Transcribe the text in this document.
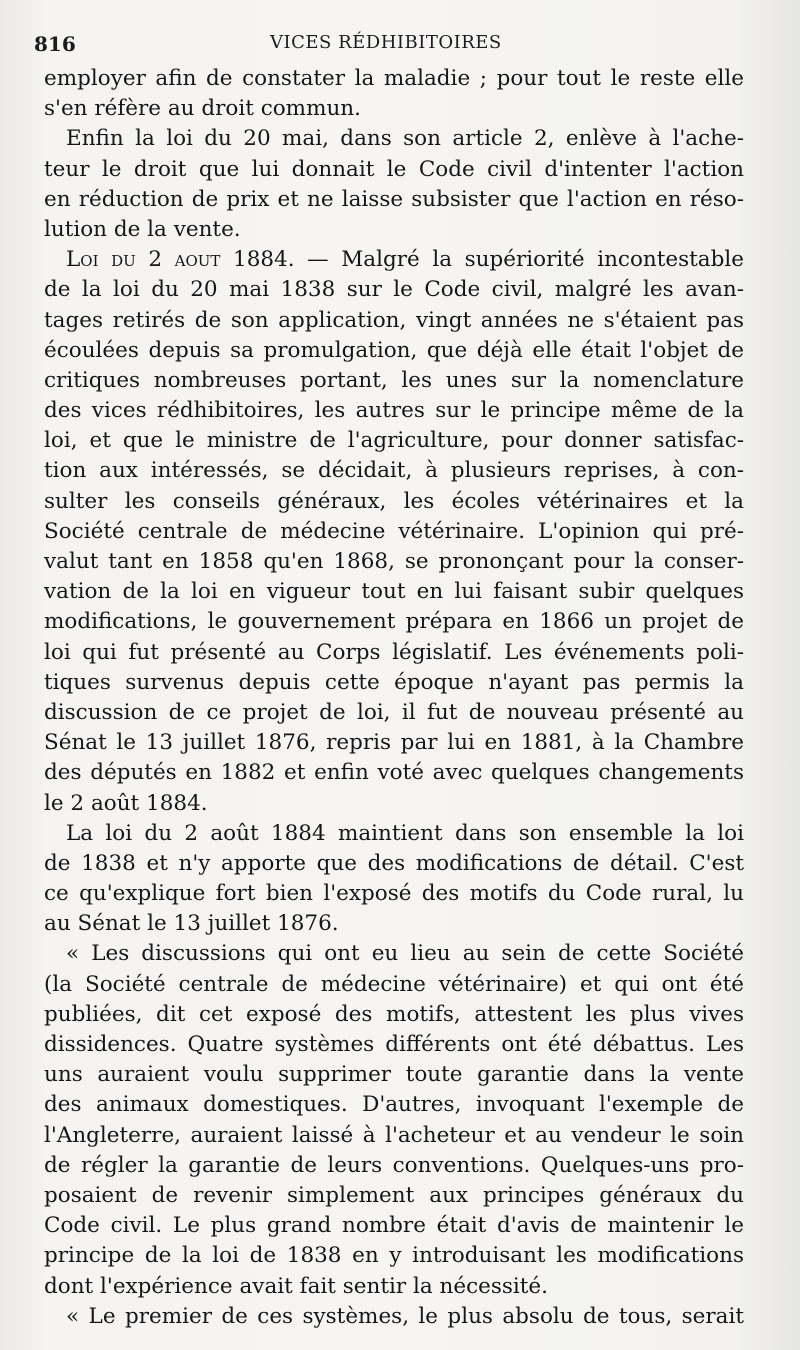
816	VICES RÉDHIBITOIRES
employer afin de constater la maladie ; pour tout le reste elle
s'en réfère au droit commun.
Enfin la loi du 20 mai, dans son article 2, enlève à l'ache-
teur le droit que lui donnait le Code civil d'intenter l'action
en réduction de prix et ne laisse subsister que l'action en réso-
lution de la vente.
Loi du 2 aout 1884. — Malgré la supériorité incontestable
de la loi du 20 mai 1838 sur le Code civil, malgré les avan-
tages retirés de son application, vingt années ne s'étaient pas
écoulées depuis sa promulgation, que déjà elle était l'objet de
critiques nombreuses portant, les unes sur la nomenclature
des vices rédhibitoires, les autres sur le principe même de la
loi, et que le ministre de l'agriculture, pour donner satisfac-
tion aux intéressés, se décidait, à plusieurs reprises, à con-
sulter les conseils généraux, les écoles vétérinaires et la
Société centrale de médecine vétérinaire. L'opinion qui pré-
valut tant en 1858 qu'en 1868, se prononçant pour la conser-
vation de la loi en vigueur tout en lui faisant subir quelques
modifications, le gouvernement prépara en 1866 un projet de
loi qui fut présenté au Corps législatif. Les événements poli-
tiques survenus depuis cette époque n'ayant pas permis la
discussion de ce projet de loi, il fut de nouveau présenté au
Sénat le 13 juillet 1876, repris par lui en 1881, à la Chambre
des députés en 1882 et enfin voté avec quelques changements
le 2 août 1884.
La loi du 2 août 1884 maintient dans son ensemble la loi
de 1838 et n'y apporte que des modifications de détail. C'est
ce qu'explique fort bien l'exposé des motifs du Code rural, lu
au Sénat le 13 juillet 1876.
« Les discussions qui ont eu lieu au sein de cette Société
(la Société centrale de médecine vétérinaire) et qui ont été
publiées, dit cet exposé des motifs, attestent les plus vives
dissidences. Quatre systèmes différents ont été débattus. Les
uns auraient voulu supprimer toute garantie dans la vente
des animaux domestiques. D'autres, invoquant l'exemple de
l'Angleterre, auraient laissé à l'acheteur et au vendeur le soin
de régler la garantie de leurs conventions. Quelques-uns pro-
posaient de revenir simplement aux principes généraux du
Code civil. Le plus grand nombre était d'avis de maintenir le
principe de la loi de 1838 en y introduisant les modifications
dont l'expérience avait fait sentir la nécessité.
« Le premier de ces systèmes, le plus absolu de tous, serait
